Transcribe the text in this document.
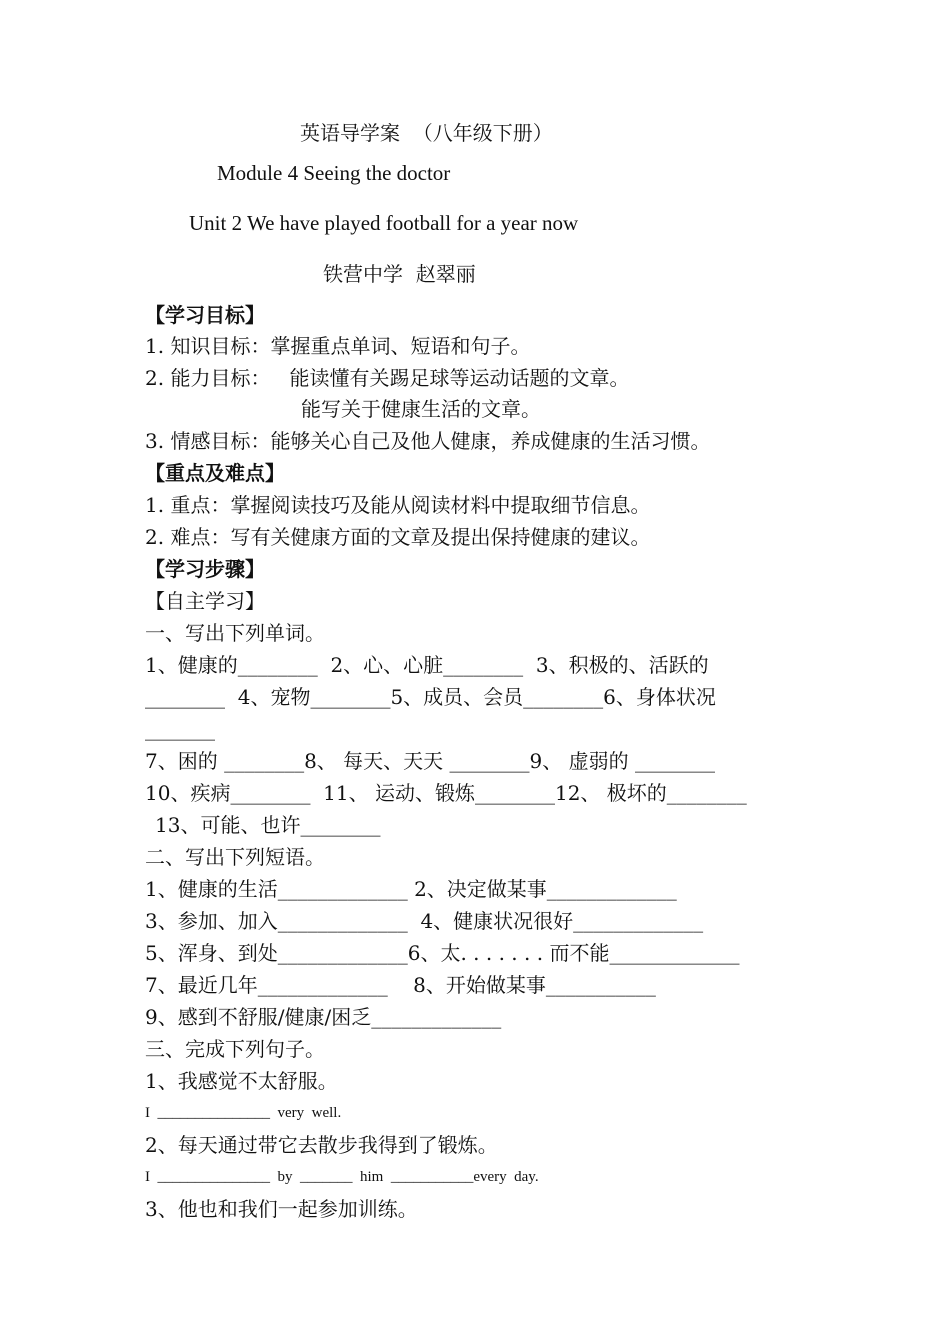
英语导学案  （八年级下册）
Module 4 Seeing the doctor
Unit 2 We have played football for a year now
铁营中学  赵翠丽
【学习目标】
1. 知识目标：掌握重点单词、短语和句子。
2. 能力目标：   能读懂有关踢足球等运动话题的文章。
能写关于健康生活的文章。
3. 情感目标：能够关心自己及他人健康，养成健康的生活习惯。
【重点及难点】
1. 重点：掌握阅读技巧及能从阅读材料中提取细节信息。
2. 难点：写有关健康方面的文章及提出保持健康的建议。
【学习步骤】
【自主学习】
一、写出下列单词。
1、健康的________  2、心、心脏________  3、积极的、活跃的
________  4、宠物________5、成员、会员________6、身体状况
_______
7、困的 ________8、 每天、天天 ________9、 虚弱的 ________
10、疾病________  11、 运动、锻炼________12、 极坏的________
13、可能、也许________
二、写出下列短语。
1、健康的生活_____________ 2、决定做某事_____________
3、参加、加入_____________  4、健康状况很好_____________
5、浑身、到处_____________6、太. . . . . . . 而不能_____________
7、最近几年_____________    8、开始做某事___________
9、感到不舒服/健康/困乏_____________
三、完成下列句子。
1、我感觉不太舒服。
I  _______________  very  well.
2、每天通过带它去散步我得到了锻炼。
I  _______________  by  _______  him  ___________every  day.
3、他也和我们一起参加训练。
